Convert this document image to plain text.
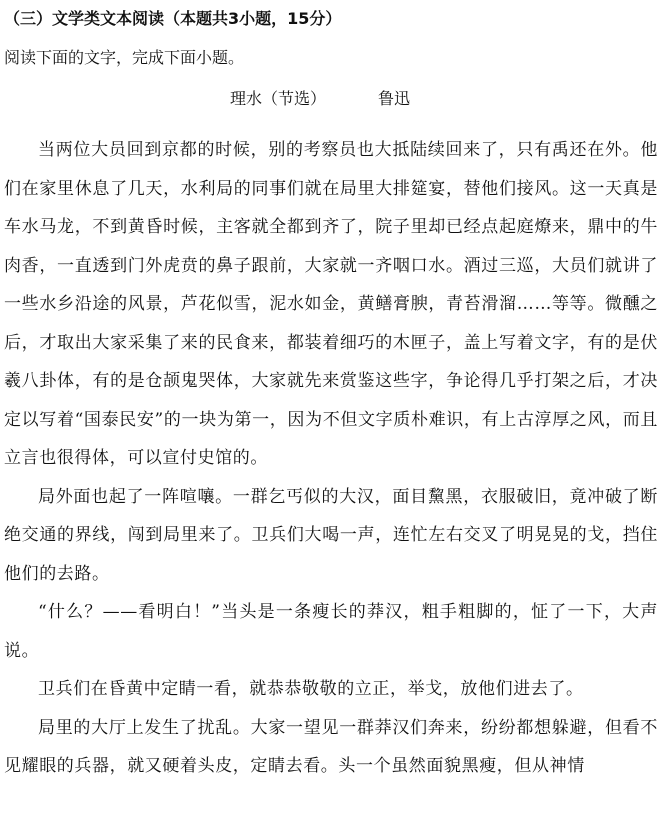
（三）文学类文本阅读（本题共3小题，15分）
阅读下面的文字，完成下面小题。
理水（节选）	鲁迅

当两位大员回到京都的时候，别的考察员也大抵陆续回来了，只有禹还在外。他们在家里休息了几天，水利局的同事们就在局里大排筵宴，替他们接风。这一天真是车水马龙，不到黄昏时候，主客就全都到齐了，院子里却已经点起庭燎来，鼎中的牛肉香，一直透到门外虎贲的鼻子跟前，大家就一齐咽口水。酒过三巡，大员们就讲了一些水乡沿途的风景，芦花似雪，泥水如金，黄鳝膏腴，青苔滑溜……等等。微醺之后，才取出大家采集了来的民食来，都装着细巧的木匣子，盖上写着文字，有的是伏羲八卦体，有的是仓颉鬼哭体，大家就先来赏鉴这些字，争论得几乎打架之后，才决定以写着“国泰民安”的一块为第一，因为不但文字质朴难识，有上古淳厚之风，而且立言也很得体，可以宣付史馆的。

局外面也起了一阵喧嚷。一群乞丐似的大汉，面目黧黑，衣服破旧，竟冲破了断绝交通的界线，闯到局里来了。卫兵们大喝一声，连忙左右交叉了明晃晃的戈，挡住他们的去路。

“什么？——看明白！”当头是一条瘦长的莽汉，粗手粗脚的，怔了一下，大声说。

卫兵们在昏黄中定睛一看，就恭恭敬敬的立正，举戈，放他们进去了。

局里的大厅上发生了扰乱。大家一望见一群莽汉们奔来，纷纷都想躲避，但看不见耀眼的兵器，就又硬着头皮，定睛去看。头一个虽然面貌黑瘦，但从神情
